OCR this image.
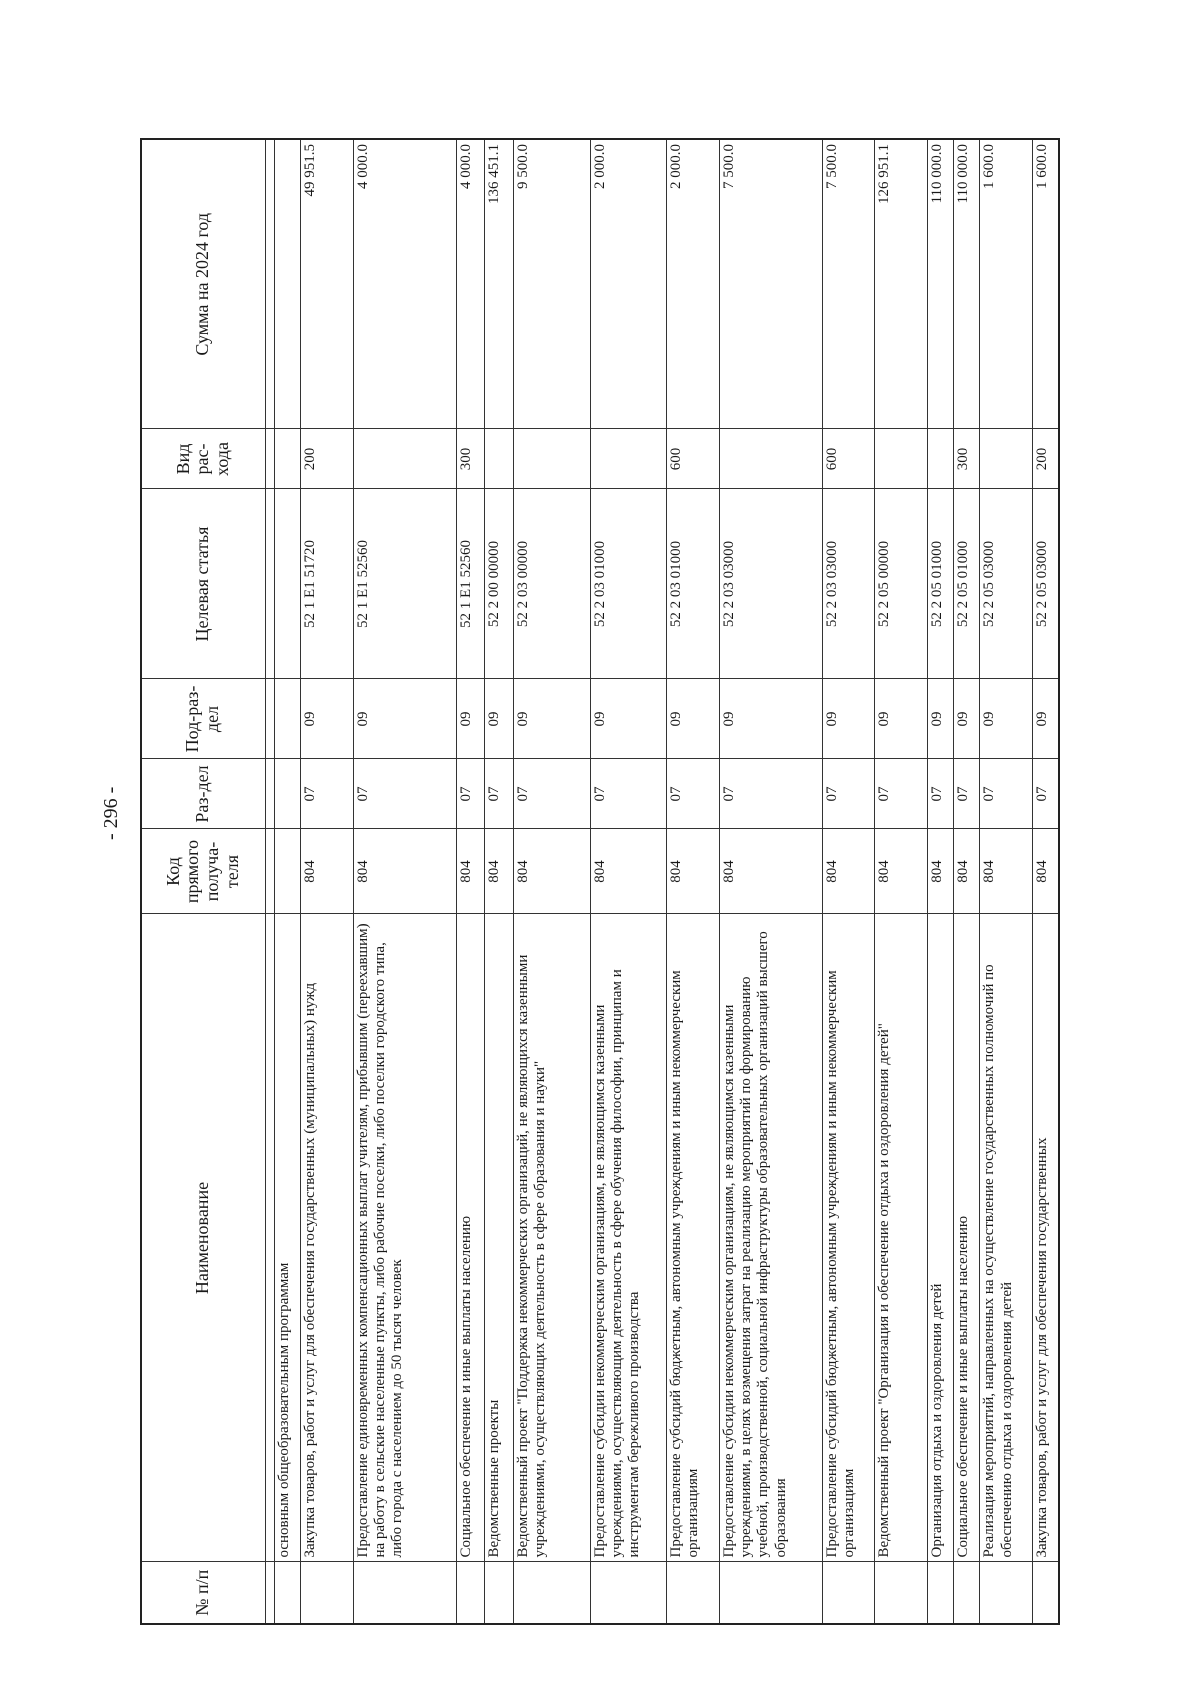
- 296 -
№ п/п	Наименование	Код прямого получа-теля	Раз-дел	Под-раз-дел	Целевая статья	Вид рас-хода	Сумма на 2024 год

	основным общеобразовательным программам						
	Закупка товаров, работ и услуг для обеспечения государственных (муниципальных) нужд	804	07	09	52 1 E1 51720	200	49 951.5
	Предоставление единовременных компенсационных выплат учителям, прибывшим (переехавшим) на работу в сельские населенные пункты, либо рабочие поселки, либо поселки городского типа, либо города с населением до 50 тысяч человек	804	07	09	52 1 E1 52560		4 000.0
	Социальное обеспечение и иные выплаты населению	804	07	09	52 1 E1 52560	300	4 000.0
	Ведомственные проекты	804	07	09	52 2 00 00000		136 451.1
	Ведомственный проект "Поддержка некоммерческих организаций, не являющихся казенными учреждениями, осуществляющих деятельность в сфере образования и науки"	804	07	09	52 2 03 00000		9 500.0
	Предоставление субсидии некоммерческим организациям, не являющимся казенными учреждениями, осуществляющим деятельность в сфере обучения философии, принципам и инструментам бережливого производства	804	07	09	52 2 03 01000		2 000.0
	Предоставление субсидий бюджетным, автономным учреждениям и иным некоммерческим организациям	804	07	09	52 2 03 01000	600	2 000.0
	Предоставление субсидии некоммерческим организациям, не являющимся казенными учреждениями, в целях возмещения затрат на реализацию мероприятий по формированию учебной, производственной, социальной инфраструктуры образовательных организаций высшего образования	804	07	09	52 2 03 03000		7 500.0
	Предоставление субсидий бюджетным, автономным учреждениям и иным некоммерческим организациям	804	07	09	52 2 03 03000	600	7 500.0
	Ведомственный проект "Организация и обеспечение отдыха и оздоровления детей"	804	07	09	52 2 05 00000		126 951.1
	Организация отдыха и оздоровления детей	804	07	09	52 2 05 01000		110 000.0
	Социальное обеспечение и иные выплаты населению	804	07	09	52 2 05 01000	300	110 000.0
	Реализация мероприятий, направленных на осуществление государственных полномочий по обеспечению отдыха и оздоровления детей	804	07	09	52 2 05 03000		1 600.0
	Закупка товаров, работ и услуг для обеспечения государственных	804	07	09	52 2 05 03000	200	1 600.0
